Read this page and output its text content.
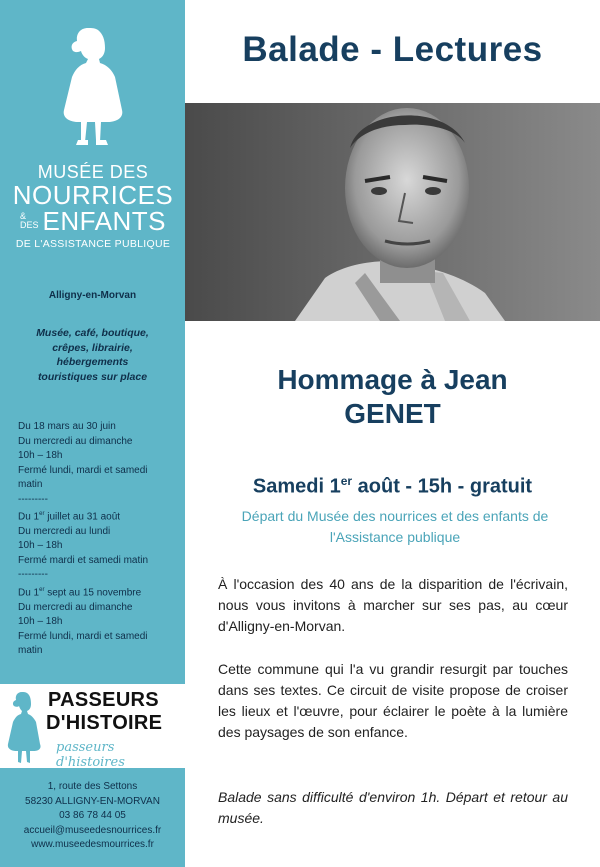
MUSÉE DES
NOURRICES
&
DES ENFANTS
DE L'ASSISTANCE PUBLIQUE
Alligny-en-Morvan
Musée, café, boutique,
crêpes, librairie,
hébergements
touristiques sur place
Du 18 mars au 30 juin
Du mercredi au dimanche
10h – 18h
Fermé lundi, mardi et samedi
matin
---------
Du 1er juillet au 31 août
Du mercredi au lundi
10h – 18h
Fermé mardi et samedi matin
---------
Du 1er sept au 15 novembre
Du mercredi au dimanche
10h – 18h
Fermé lundi, mardi et samedi
matin
PASSEURS
D'HISTOIRE
passeurs d'histoires
1, route des Settons
58230 ALLIGNY-EN-MORVAN
03 86 78 44 05
accueil@museedesnourrices.fr
www.museedesmourrices.fr
Balade - Lectures
Hommage à Jean
GENET
Samedi 1er août - 15h - gratuit
Départ du Musée des nourrices et des enfants de
l'Assistance publique

À l'occasion des 40 ans de la disparition de l'écrivain, nous vous invitons à marcher sur ses pas, au cœur d'Alligny-en-Morvan.

Cette commune qui l'a vu grandir resurgit par touches dans ses textes. Ce circuit de visite propose de croiser les lieux et l'œuvre, pour éclairer le poète à la lumière des paysages de son enfance.

Balade sans difficulté d'environ 1h. Départ et retour au musée.
